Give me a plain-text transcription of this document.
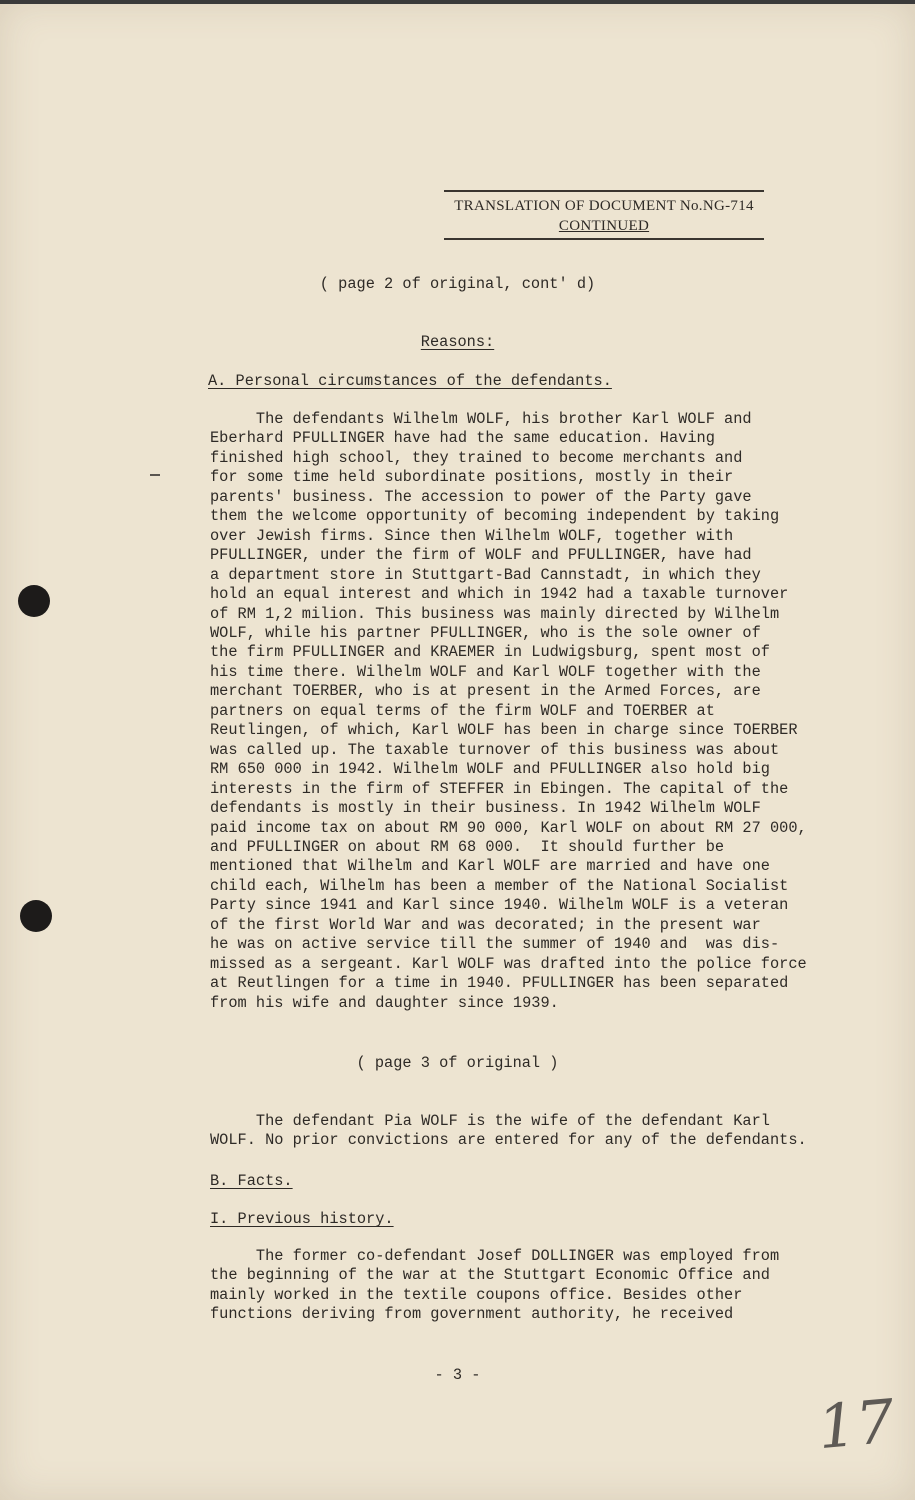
TRANSLATION OF DOCUMENT No.NG-714
CONTINUED
( page 2 of original, cont' d)
Reasons:
A. Personal circumstances of the defendants.
The defendants Wilhelm WOLF, his brother Karl WOLF and
Eberhard PFULLINGER have had the same education. Having
finished high school, they trained to become merchants and
for some time held subordinate positions, mostly in their
parents' business. The accession to power of the Party gave
them the welcome opportunity of becoming independent by taking
over Jewish firms. Since then Wilhelm WOLF, together with
PFULLINGER, under the firm of WOLF and PFULLINGER, have had
a department store in Stuttgart-Bad Cannstadt, in which they
hold an equal interest and which in 1942 had a taxable turnover
of RM 1,2 milion. This business was mainly directed by Wilhelm
WOLF, while his partner PFULLINGER, who is the sole owner of
the firm PFULLINGER and KRAEMER in Ludwigsburg, spent most of
his time there. Wilhelm WOLF and Karl WOLF together with the
merchant TOERBER, who is at present in the Armed Forces, are
partners on equal terms of the firm WOLF and TOERBER at
Reutlingen, of which, Karl WOLF has been in charge since TOERBER
was called up. The taxable turnover of this business was about
RM 650 000 in 1942. Wilhelm WOLF and PFULLINGER also hold big
interests in the firm of STEFFER in Ebingen. The capital of the
defendants is mostly in their business. In 1942 Wilhelm WOLF
paid income tax on about RM 90 000, Karl WOLF on about RM 27 000,
and PFULLINGER on about RM 68 000.  It should further be
mentioned that Wilhelm and Karl WOLF are married and have one
child each, Wilhelm has been a member of the National Socialist
Party since 1941 and Karl since 1940. Wilhelm WOLF is a veteran
of the first World War and was decorated; in the present war
he was on active service till the summer of 1940 and  was dis-
missed as a sergeant. Karl WOLF was drafted into the police force
at Reutlingen for a time in 1940. PFULLINGER has been separated
from his wife and daughter since 1939.
( page 3 of original )
The defendant Pia WOLF is the wife of the defendant Karl
WOLF. No prior convictions are entered for any of the defendants.
B. Facts.
I. Previous history.
The former co-defendant Josef DOLLINGER was employed from
the beginning of the war at the Stuttgart Economic Office and
mainly worked in the textile coupons office. Besides other
functions deriving from government authority, he received
- 3 -
17
